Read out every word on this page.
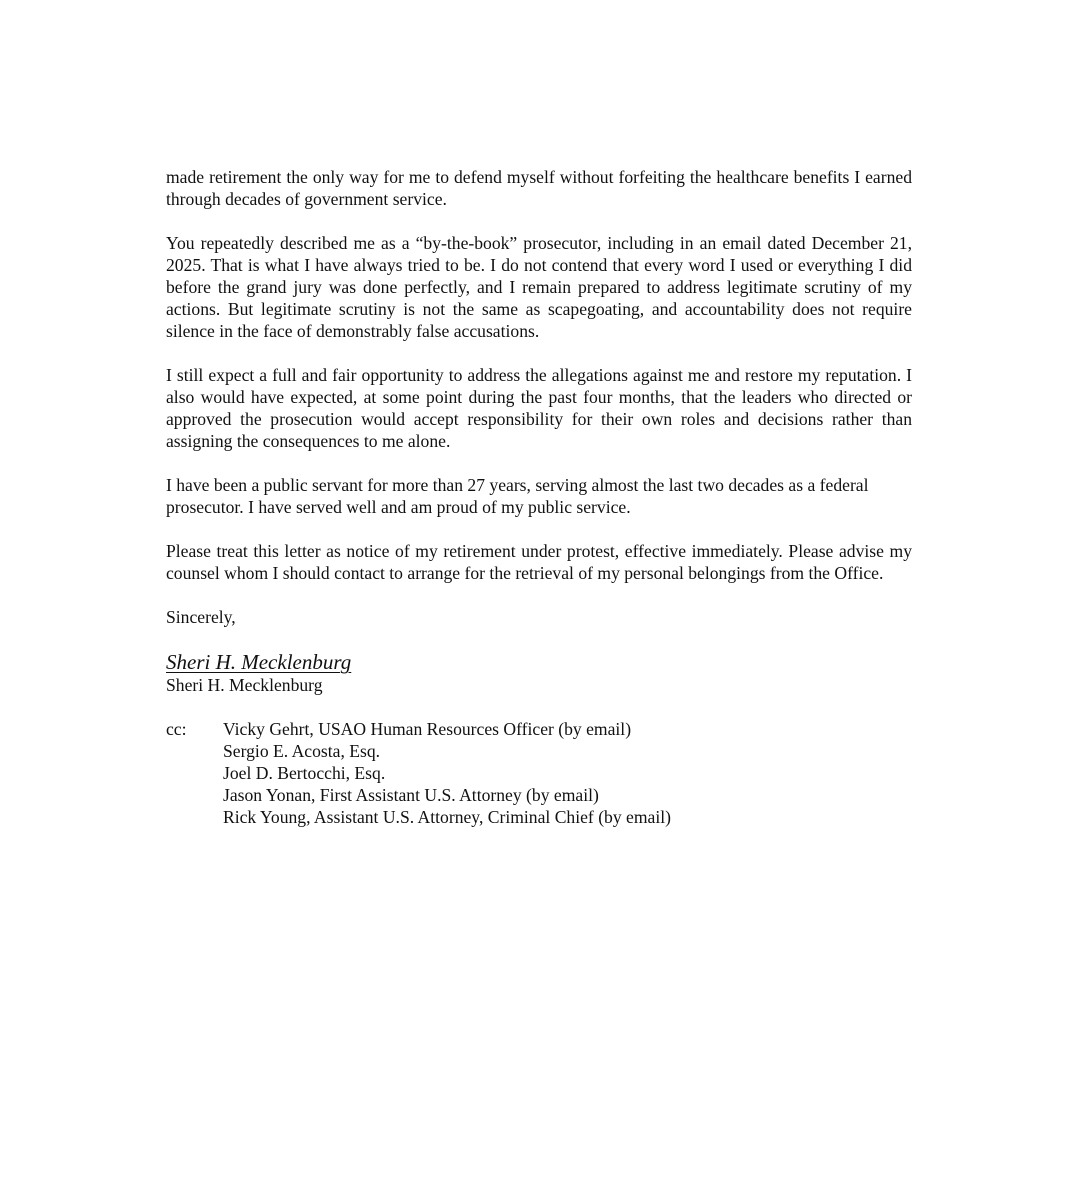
made retirement the only way for me to defend myself without forfeiting the healthcare benefits I earned through decades of government service.

You repeatedly described me as a “by-the-book” prosecutor, including in an email dated December 21, 2025. That is what I have always tried to be. I do not contend that every word I used or everything I did before the grand jury was done perfectly, and I remain prepared to address legitimate scrutiny of my actions. But legitimate scrutiny is not the same as scapegoating, and accountability does not require silence in the face of demonstrably false accusations.

I still expect a full and fair opportunity to address the allegations against me and restore my reputation. I also would have expected, at some point during the past four months, that the leaders who directed or approved the prosecution would accept responsibility for their own roles and decisions rather than assigning the consequences to me alone.

I have been a public servant for more than 27 years, serving almost the last two decades as a federal prosecutor. I have served well and am proud of my public service.

Please treat this letter as notice of my retirement under protest, effective immediately. Please advise my counsel whom I should contact to arrange for the retrieval of my personal belongings from the Office.

Sincerely,
Sheri H. Mecklenburg
Sheri H. Mecklenburg
cc:	Vicky Gehrt, USAO Human Resources Officer (by email)
Sergio E. Acosta, Esq.
Joel D. Bertocchi, Esq.
Jason Yonan, First Assistant U.S. Attorney (by email)
Rick Young, Assistant U.S. Attorney, Criminal Chief (by email)
